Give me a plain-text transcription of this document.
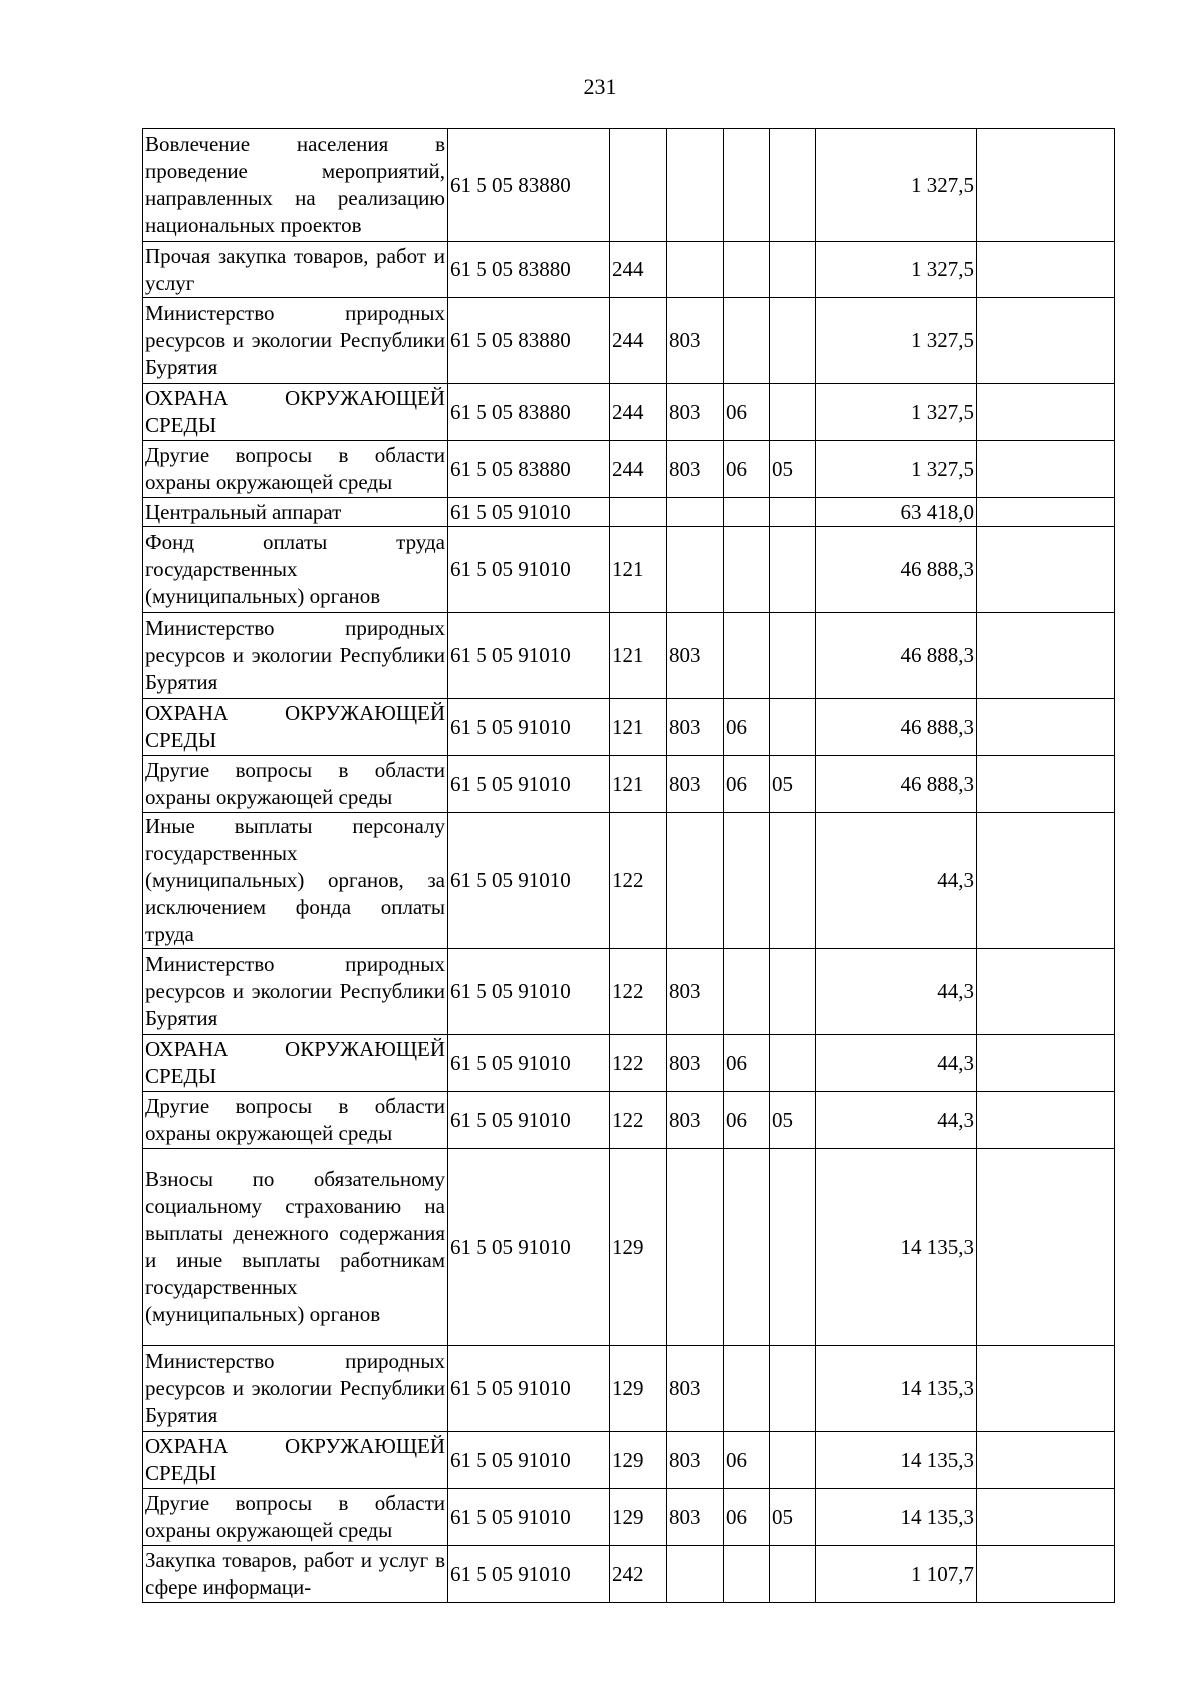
231
Вовлечение населения в проведение мероприятий, направленных на реализацию национальных проектов	61 5 05 83880					1 327,5	
Прочая закупка товаров, работ и услуг	61 5 05 83880	244				1 327,5	
Министерство природных ресурсов и экологии Республики Бурятия	61 5 05 83880	244	803			1 327,5	
ОХРАНА ОКРУЖАЮЩЕЙ СРЕДЫ	61 5 05 83880	244	803	06		1 327,5	
Другие вопросы в области охраны окружающей среды	61 5 05 83880	244	803	06	05	1 327,5	
Центральный аппарат	61 5 05 91010					63 418,0	
Фонд оплаты труда государственных (муниципальных) органов	61 5 05 91010	121				46 888,3	
Министерство природных ресурсов и экологии Республики Бурятия	61 5 05 91010	121	803			46 888,3	
ОХРАНА ОКРУЖАЮЩЕЙ СРЕДЫ	61 5 05 91010	121	803	06		46 888,3	
Другие вопросы в области охраны окружающей среды	61 5 05 91010	121	803	06	05	46 888,3	
Иные выплаты персоналу государственных (муниципальных) органов, за исключением фонда оплаты труда	61 5 05 91010	122				44,3	
Министерство природных ресурсов и экологии Республики Бурятия	61 5 05 91010	122	803			44,3	
ОХРАНА ОКРУЖАЮЩЕЙ СРЕДЫ	61 5 05 91010	122	803	06		44,3	
Другие вопросы в области охраны окружающей среды	61 5 05 91010	122	803	06	05	44,3	
Взносы по обязательному социальному страхованию на выплаты денежного содержания и иные выплаты работникам государственных (муниципальных) органов	61 5 05 91010	129				14 135,3	
Министерство природных ресурсов и экологии Республики Бурятия	61 5 05 91010	129	803			14 135,3	
ОХРАНА ОКРУЖАЮЩЕЙ СРЕДЫ	61 5 05 91010	129	803	06		14 135,3	
Другие вопросы в области охраны окружающей среды	61 5 05 91010	129	803	06	05	14 135,3	
Закупка товаров, работ и услуг в сфере информаци-	61 5 05 91010	242				1 107,7	
